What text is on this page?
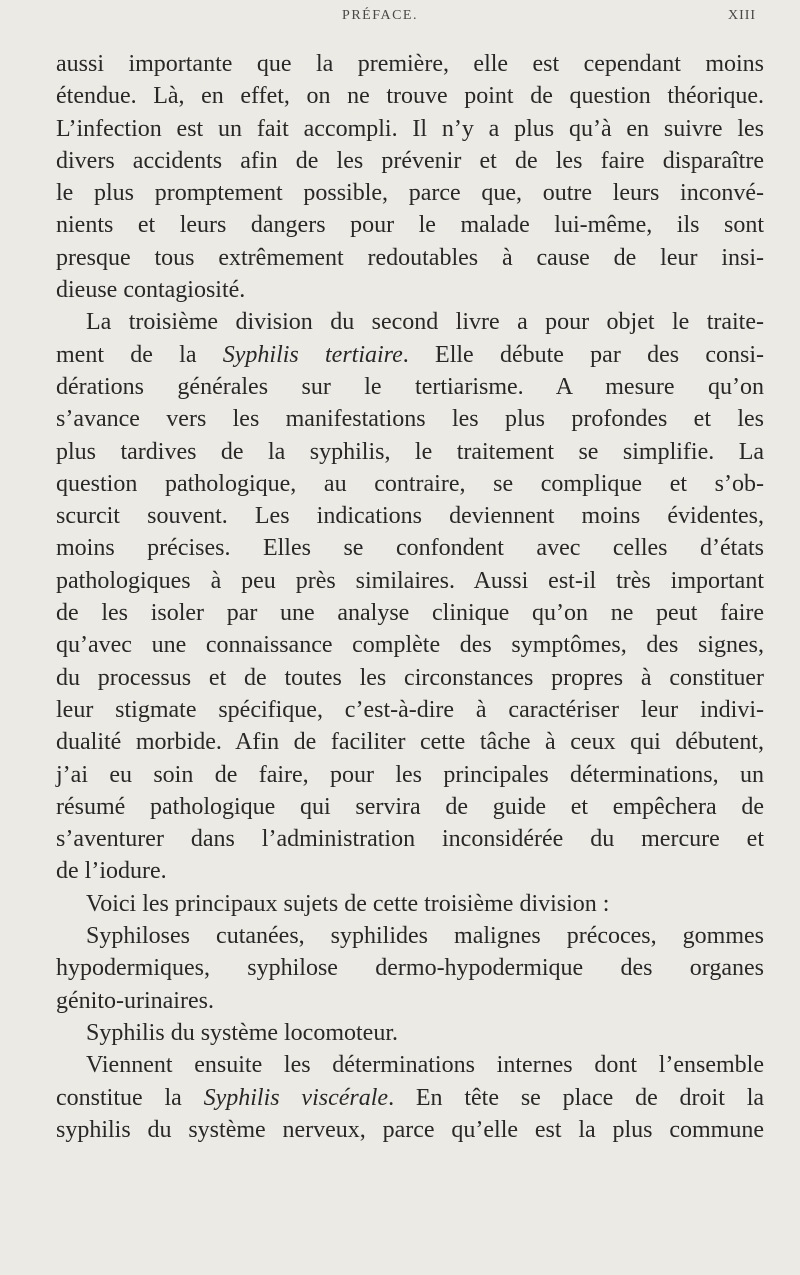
PRÉFACE.	XIII
aussi importante que la première, elle est cependant moins
étendue. Là, en effet, on ne trouve point de question théorique.
L’infection est un fait accompli. Il n’y a plus qu’à en suivre les
divers accidents afin de les prévenir et de les faire disparaître
le plus promptement possible, parce que, outre leurs inconvé-
nients et leurs dangers pour le malade lui-même, ils sont
presque tous extrêmement redoutables à cause de leur insi-
dieuse contagiosité.
La troisième division du second livre a pour objet le traite-
ment de la Syphilis tertiaire. Elle débute par des consi-
dérations générales sur le tertiarisme. A mesure qu’on
s’avance vers les manifestations les plus profondes et les
plus tardives de la syphilis, le traitement se simplifie. La
question pathologique, au contraire, se complique et s’ob-
scurcit souvent. Les indications deviennent moins évidentes,
moins précises. Elles se confondent avec celles d’états
pathologiques à peu près similaires. Aussi est-il très important
de les isoler par une analyse clinique qu’on ne peut faire
qu’avec une connaissance complète des symptômes, des signes,
du processus et de toutes les circonstances propres à constituer
leur stigmate spécifique, c’est-à-dire à caractériser leur indivi-
dualité morbide. Afin de faciliter cette tâche à ceux qui débutent,
j’ai eu soin de faire, pour les principales déterminations, un
résumé pathologique qui servira de guide et empêchera de
s’aventurer dans l’administration inconsidérée du mercure et
de l’iodure.
Voici les principaux sujets de cette troisième division :
Syphiloses cutanées, syphilides malignes précoces, gommes
hypodermiques, syphilose dermo-hypodermique des organes
génito-urinaires.
Syphilis du système locomoteur.
Viennent ensuite les déterminations internes dont l’ensemble
constitue la Syphilis viscérale. En tête se place de droit la
syphilis du système nerveux, parce qu’elle est la plus commune
